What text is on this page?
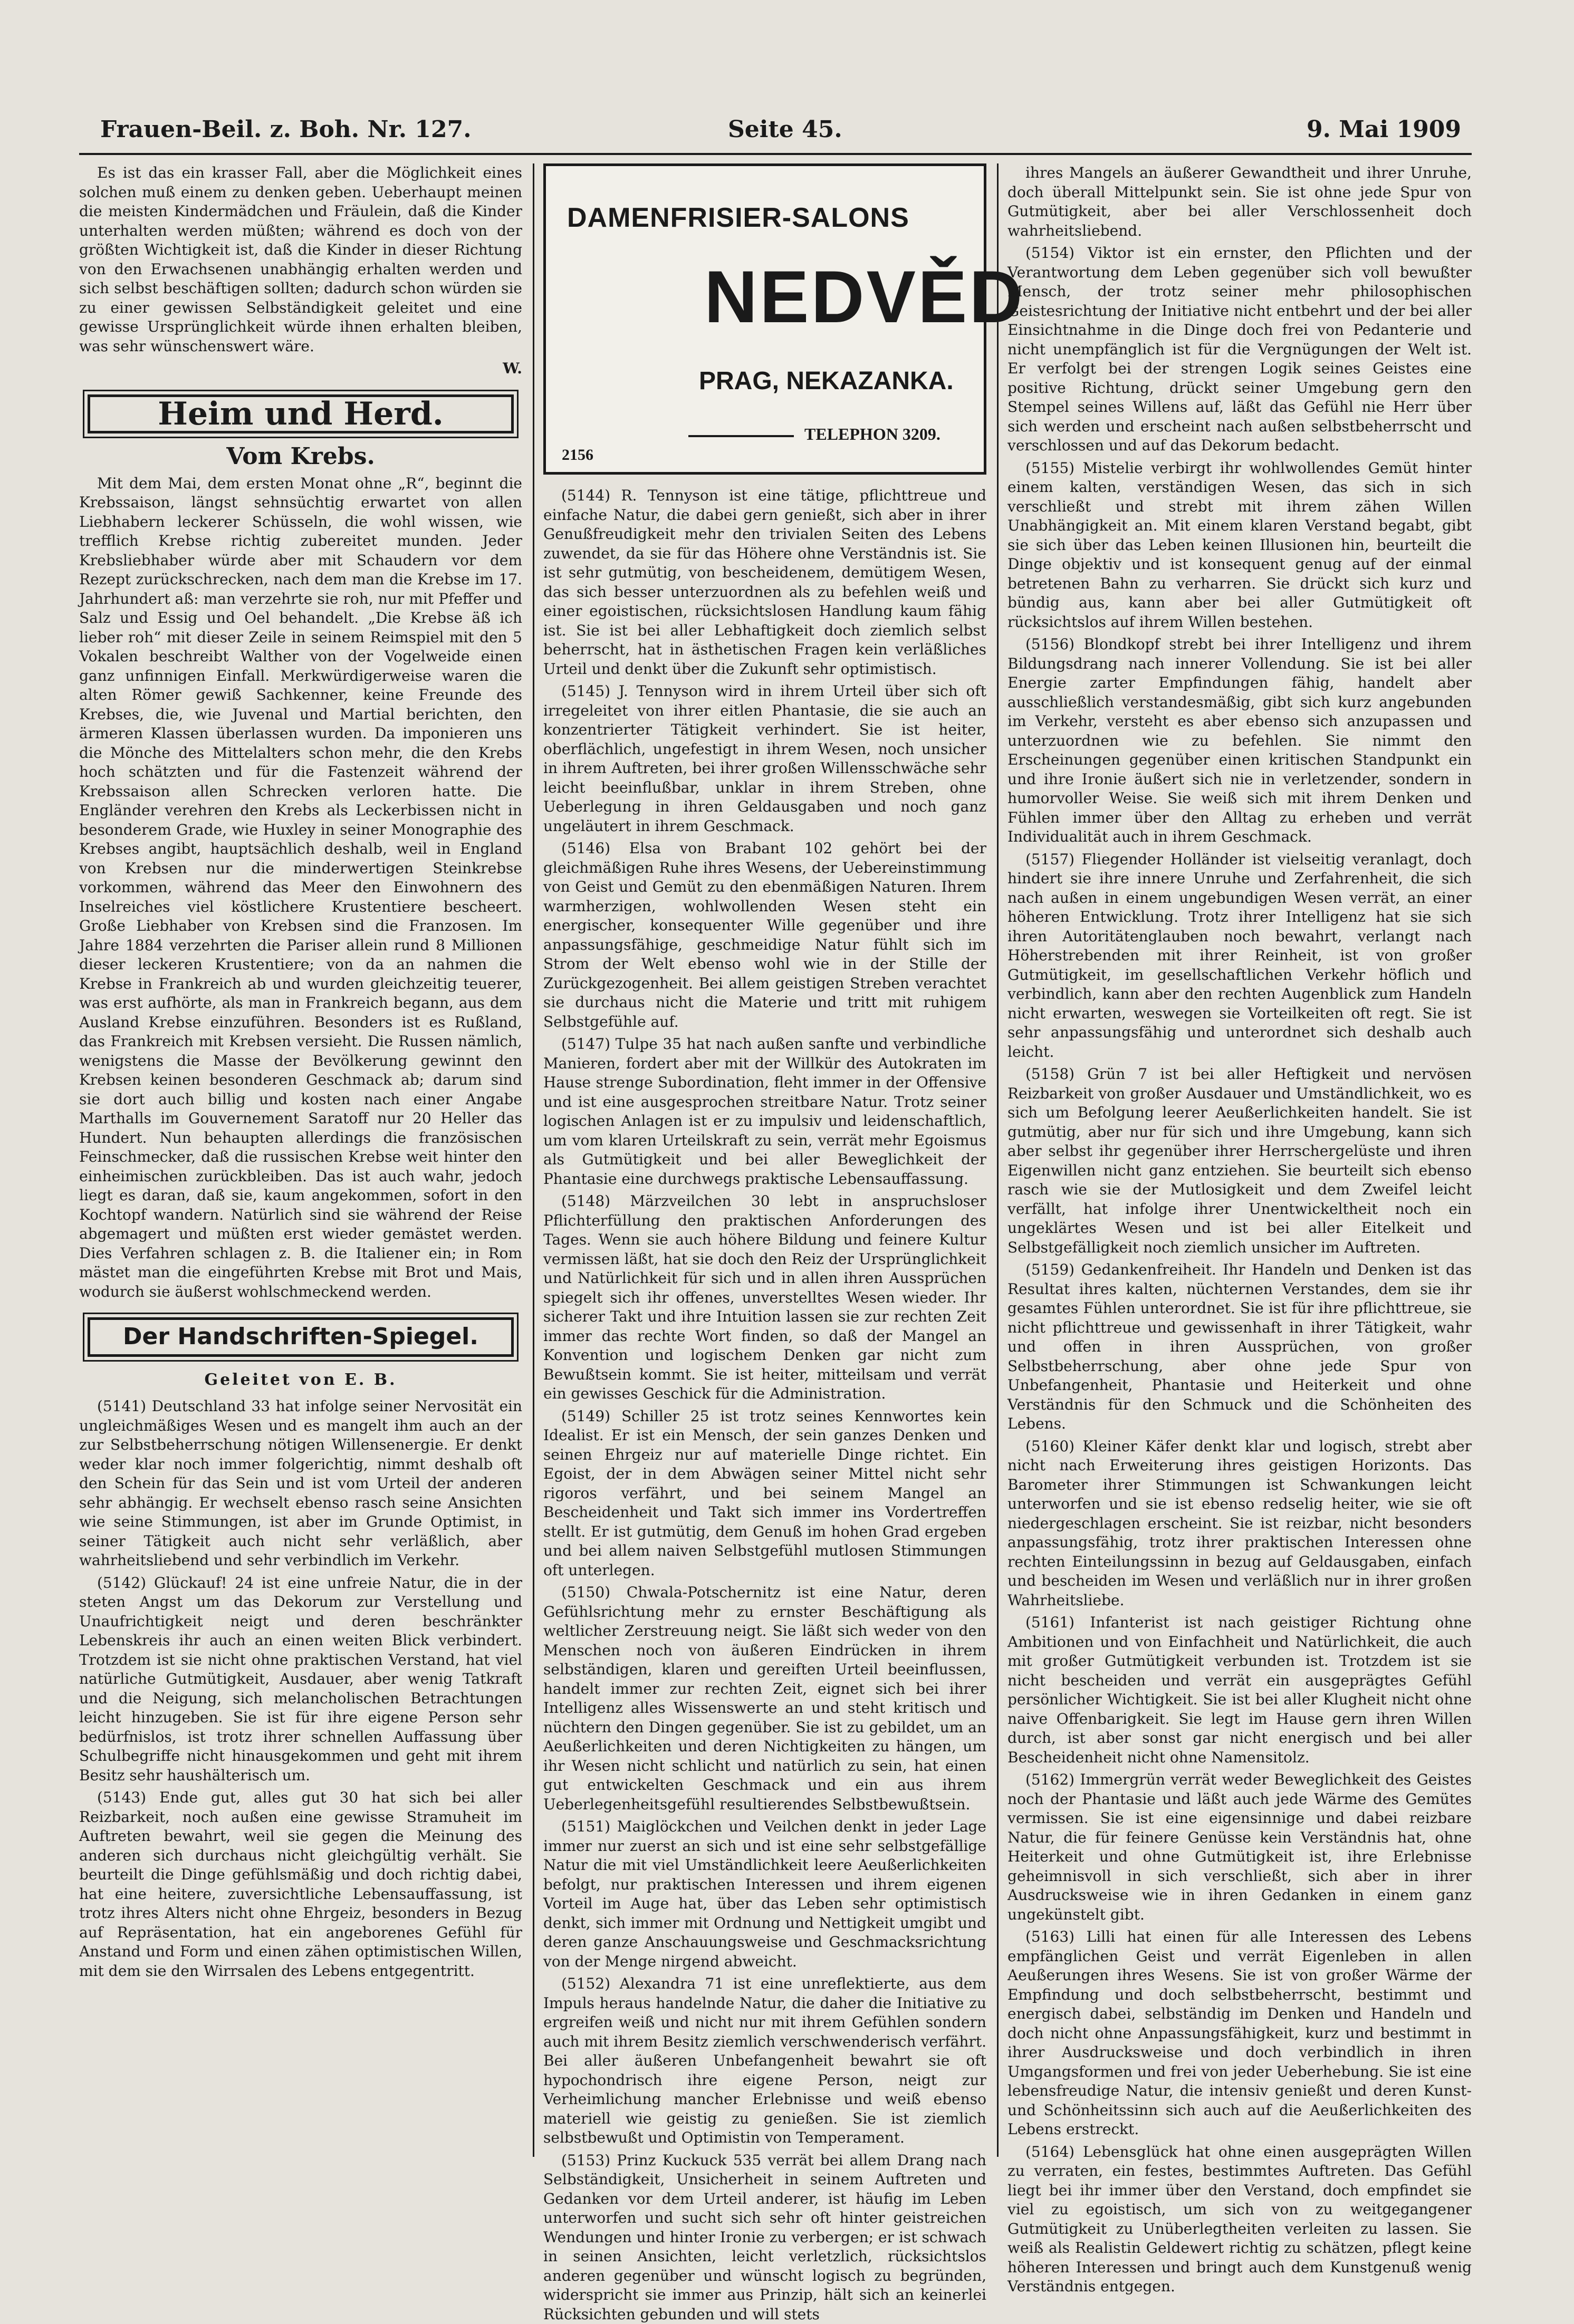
Frauen-Beil. z. Boh. Nr. 127.	Seite 45.	9. Mai 1909

Es ist das ein krasser Fall, aber die Möglichkeit eines solchen muß einem zu denken geben. Ueberhaupt meinen die meisten Kindermädchen und Fräulein, daß die Kinder unterhalten werden müßten; während es doch von der größten Wichtigkeit ist, daß die Kinder in dieser Richtung von den Erwachsenen unabhängig erhalten werden und sich selbst beschäftigen sollten; dadurch schon würden sie zu einer gewissen Selbständigkeit geleitet und eine gewisse Ursprünglichkeit würde ihnen erhalten bleiben, was sehr wünschenswert wäre.

W.
Heim und Herd.
Vom Krebs.

Mit dem Mai, dem ersten Monat ohne „R“, beginnt die Krebssaison, längst sehnsüchtig erwartet von allen Liebhabern leckerer Schüsseln, die wohl wissen, wie trefflich Krebse richtig zubereitet munden. Jeder Krebsliebhaber würde aber mit Schaudern vor dem Rezept zurückschrecken, nach dem man die Krebse im 17. Jahrhundert aß: man verzehrte sie roh, nur mit Pfeffer und Salz und Essig und Oel behandelt. „Die Krebse äß ich lieber roh“ mit dieser Zeile in seinem Reimspiel mit den 5 Vokalen beschreibt Walther von der Vogelweide einen ganz unfinnigen Einfall. Merkwürdigerweise waren die alten Römer gewiß Sachkenner, keine Freunde des Krebses, die, wie Juvenal und Martial berichten, den ärmeren Klassen überlassen wurden. Da imponieren uns die Mönche des Mittelalters schon mehr, die den Krebs hoch schätzten und für die Fastenzeit während der Krebssaison allen Schrecken verloren hatte. Die Engländer verehren den Krebs als Leckerbissen nicht in besonderem Grade, wie Huxley in seiner Monographie des Krebses angibt, hauptsächlich deshalb, weil in England von Krebsen nur die minderwertigen Steinkrebse vorkommen, während das Meer den Einwohnern des Inselreiches viel köstlichere Krustentiere bescheert. Große Liebhaber von Krebsen sind die Franzosen. Im Jahre 1884 verzehrten die Pariser allein rund 8 Millionen dieser leckeren Krustentiere; von da an nahmen die Krebse in Frankreich ab und wurden gleichzeitig teuerer, was erst aufhörte, als man in Frankreich begann, aus dem Ausland Krebse einzuführen. Besonders ist es Rußland, das Frankreich mit Krebsen versieht. Die Russen nämlich, wenigstens die Masse der Bevölkerung gewinnt den Krebsen keinen besonderen Geschmack ab; darum sind sie dort auch billig und kosten nach einer Angabe Marthalls im Gouvernement Saratoff nur 20 Heller das Hundert. Nun behaupten allerdings die französischen Feinschmecker, daß die russischen Krebse weit hinter den einheimischen zurückbleiben. Das ist auch wahr, jedoch liegt es daran, daß sie, kaum angekommen, sofort in den Kochtopf wandern. Natürlich sind sie während der Reise abgemagert und müßten erst wieder gemästet werden. Dies Verfahren schlagen z. B. die Italiener ein; in Rom mästet man die eingeführten Krebse mit Brot und Mais, wodurch sie äußerst wohlschmeckend werden.

Der Handschriften-Spiegel.
Geleitet von E. B.

(5141) Deutschland 33 hat infolge seiner Nervosität ein ungleichmäßiges Wesen und es mangelt ihm auch an der zur Selbstbeherrschung nötigen Willensenergie. Er denkt weder klar noch immer folgerichtig, nimmt deshalb oft den Schein für das Sein und ist vom Urteil der anderen sehr abhängig. Er wechselt ebenso rasch seine Ansichten wie seine Stimmungen, ist aber im Grunde Optimist, in seiner Tätigkeit auch nicht sehr verläßlich, aber wahrheitsliebend und sehr verbindlich im Verkehr.

(5142) Glückauf! 24 ist eine unfreie Natur, die in der steten Angst um das Dekorum zur Verstellung und Unaufrichtigkeit neigt und deren beschränkter Lebenskreis ihr auch an einen weiten Blick verbindert. Trotzdem ist sie nicht ohne praktischen Verstand, hat viel natürliche Gutmütigkeit, Ausdauer, aber wenig Tatkraft und die Neigung, sich melancholischen Betrachtungen leicht hinzugeben. Sie ist für ihre eigene Person sehr bedürfnislos, ist trotz ihrer schnellen Auffassung über Schulbegriffe nicht hinausgekommen und geht mit ihrem Besitz sehr haushälterisch um.

(5143) Ende gut, alles gut 30 hat sich bei aller Reizbarkeit, noch außen eine gewisse Stramuheit im Auftreten bewahrt, weil sie gegen die Meinung des anderen sich durchaus nicht gleichgültig verhält. Sie beurteilt die Dinge gefühlsmäßig und doch richtig dabei, hat eine heitere, zuversichtliche Lebensauffassung, ist trotz ihres Alters nicht ohne Ehrgeiz, besonders in Bezug auf Repräsentation, hat ein angeborenes Gefühl für Anstand und Form und einen zähen optimistischen Willen, mit dem sie den Wirrsalen des Lebens entgegentritt.

DAMENFRISIER-SALONS
NEDVĚD
PRAG, NEKAZANKA.
TELEPHON 3209.
2156

(5144) R. Tennyson ist eine tätige, pflichttreue und einfache Natur, die dabei gern genießt, sich aber in ihrer Genußfreudigkeit mehr den trivialen Seiten des Lebens zuwendet, da sie für das Höhere ohne Verständnis ist. Sie ist sehr gutmütig, von bescheidenem, demütigem Wesen, das sich besser unterzuordnen als zu befehlen weiß und einer egoistischen, rücksichtslosen Handlung kaum fähig ist. Sie ist bei aller Lebhaftigkeit doch ziemlich selbst beherrscht, hat in ästhetischen Fragen kein verläßliches Urteil und denkt über die Zukunft sehr optimistisch.

(5145) J. Tennyson wird in ihrem Urteil über sich oft irregeleitet von ihrer eitlen Phantasie, die sie auch an konzentrierter Tätigkeit verhindert. Sie ist heiter, oberflächlich, ungefestigt in ihrem Wesen, noch unsicher in ihrem Auftreten, bei ihrer großen Willensschwäche sehr leicht beeinflußbar, unklar in ihrem Streben, ohne Ueberlegung in ihren Geldausgaben und noch ganz ungeläutert in ihrem Geschmack.

(5146) Elsa von Brabant 102 gehört bei der gleichmäßigen Ruhe ihres Wesens, der Uebereinstimmung von Geist und Gemüt zu den ebenmäßigen Naturen. Ihrem warmherzigen, wohlwollenden Wesen steht ein energischer, konsequenter Wille gegenüber und ihre anpassungsfähige, geschmeidige Natur fühlt sich im Strom der Welt ebenso wohl wie in der Stille der Zurückgezogenheit. Bei allem geistigen Streben verachtet sie durchaus nicht die Materie und tritt mit ruhigem Selbstgefühle auf.

(5147) Tulpe 35 hat nach außen sanfte und verbindliche Manieren, fordert aber mit der Willkür des Autokraten im Hause strenge Subordination, fleht immer in der Offensive und ist eine ausgesprochen streitbare Natur. Trotz seiner logischen Anlagen ist er zu impulsiv und leidenschaftlich, um vom klaren Urteilskraft zu sein, verrät mehr Egoismus als Gutmütigkeit und bei aller Beweglichkeit der Phantasie eine durchwegs praktische Lebensauffassung.

(5148) Märzveilchen 30 lebt in anspruchsloser Pflichterfüllung den praktischen Anforderungen des Tages. Wenn sie auch höhere Bildung und feinere Kultur vermissen läßt, hat sie doch den Reiz der Ursprünglichkeit und Natürlichkeit für sich und in allen ihren Aussprüchen spiegelt sich ihr offenes, unverstelltes Wesen wieder. Ihr sicherer Takt und ihre Intuition lassen sie zur rechten Zeit immer das rechte Wort finden, so daß der Mangel an Konvention und logischem Denken gar nicht zum Bewußtsein kommt. Sie ist heiter, mitteilsam und verrät ein gewisses Geschick für die Administration.

(5149) Schiller 25 ist trotz seines Kennwortes kein Idealist. Er ist ein Mensch, der sein ganzes Denken und seinen Ehrgeiz nur auf materielle Dinge richtet. Ein Egoist, der in dem Abwägen seiner Mittel nicht sehr rigoros verfährt, und bei seinem Mangel an Bescheidenheit und Takt sich immer ins Vordertreffen stellt. Er ist gutmütig, dem Genuß im hohen Grad ergeben und bei allem naiven Selbstgefühl mutlosen Stimmungen oft unterlegen.

(5150) Chwala-Potschernitz ist eine Natur, deren Gefühlsrichtung mehr zu ernster Beschäftigung als weltlicher Zerstreuung neigt. Sie läßt sich weder von den Menschen noch von äußeren Eindrücken in ihrem selbständigen, klaren und gereiften Urteil beeinflussen, handelt immer zur rechten Zeit, eignet sich bei ihrer Intelligenz alles Wissenswerte an und steht kritisch und nüchtern den Dingen gegenüber. Sie ist zu gebildet, um an Aeußerlichkeiten und deren Nichtigkeiten zu hängen, um ihr Wesen nicht schlicht und natürlich zu sein, hat einen gut entwickelten Geschmack und ein aus ihrem Ueberlegenheitsgefühl resultierendes Selbstbewußtsein.

(5151) Maiglöckchen und Veilchen denkt in jeder Lage immer nur zuerst an sich und ist eine sehr selbstgefällige Natur die mit viel Umständlichkeit leere Aeußerlichkeiten befolgt, nur praktischen Interessen und ihrem eigenen Vorteil im Auge hat, über das Leben sehr optimistisch denkt, sich immer mit Ordnung und Nettigkeit umgibt und deren ganze Anschauungsweise und Geschmacksrichtung von der Menge nirgend abweicht.

(5152) Alexandra 71 ist eine unreflektierte, aus dem Impuls heraus handelnde Natur, die daher die Initiative zu ergreifen weiß und nicht nur mit ihrem Gefühlen sondern auch mit ihrem Besitz ziemlich verschwenderisch verfährt. Bei aller äußeren Unbefangenheit bewahrt sie oft hypochondrisch ihre eigene Person, neigt zur Verheimlichung mancher Erlebnisse und weiß ebenso materiell wie geistig zu genießen. Sie ist ziemlich selbstbewußt und Optimistin von Temperament.

(5153) Prinz Kuckuck 535 verrät bei allem Drang nach Selbständigkeit, Unsicherheit in seinem Auftreten und Gedanken vor dem Urteil anderer, ist häufig im Leben unterworfen und sucht sich sehr oft hinter geistreichen Wendungen und hinter Ironie zu verbergen; er ist schwach in seinen Ansichten, leicht verletzlich, rücksichtslos anderen gegenüber und wünscht logisch zu begründen, widerspricht sie immer aus Prinzip, hält sich an keinerlei Rücksichten gebunden und will stets

ihres Mangels an äußerer Gewandtheit und ihrer Unruhe, doch überall Mittelpunkt sein. Sie ist ohne jede Spur von Gutmütigkeit, aber bei aller Verschlossenheit doch wahrheitsliebend.

(5154) Viktor ist ein ernster, den Pflichten und der Verantwortung dem Leben gegenüber sich voll bewußter Mensch, der trotz seiner mehr philosophischen Geistesrichtung der Initiative nicht entbehrt und der bei aller Einsichtnahme in die Dinge doch frei von Pedanterie und nicht unempfänglich ist für die Vergnügungen der Welt ist. Er verfolgt bei der strengen Logik seines Geistes eine positive Richtung, drückt seiner Umgebung gern den Stempel seines Willens auf, läßt das Gefühl nie Herr über sich werden und erscheint nach außen selbstbeherrscht und verschlossen und auf das Dekorum bedacht.

(5155) Mistelie verbirgt ihr wohlwollendes Gemüt hinter einem kalten, verständigen Wesen, das sich in sich verschließt und strebt mit ihrem zähen Willen Unabhängigkeit an. Mit einem klaren Verstand begabt, gibt sie sich über das Leben keinen Illusionen hin, beurteilt die Dinge objektiv und ist konsequent genug auf der einmal betretenen Bahn zu verharren. Sie drückt sich kurz und bündig aus, kann aber bei aller Gutmütigkeit oft rücksichtslos auf ihrem Willen bestehen.

(5156) Blondkopf strebt bei ihrer Intelligenz und ihrem Bildungsdrang nach innerer Vollendung. Sie ist bei aller Energie zarter Empfindungen fähig, handelt aber ausschließlich verstandesmäßig, gibt sich kurz angebunden im Verkehr, versteht es aber ebenso sich anzupassen und unterzuordnen wie zu befehlen. Sie nimmt den Erscheinungen gegenüber einen kritischen Standpunkt ein und ihre Ironie äußert sich nie in verletzender, sondern in humorvoller Weise. Sie weiß sich mit ihrem Denken und Fühlen immer über den Alltag zu erheben und verrät Individualität auch in ihrem Geschmack.

(5157) Fliegender Holländer ist vielseitig veranlagt, doch hindert sie ihre innere Unruhe und Zerfahrenheit, die sich nach außen in einem ungebundigen Wesen verrät, an einer höheren Entwicklung. Trotz ihrer Intelligenz hat sie sich ihren Autoritätenglauben noch bewahrt, verlangt nach Höherstrebenden mit ihrer Reinheit, ist von großer Gutmütigkeit, im gesellschaftlichen Verkehr höflich und verbindlich, kann aber den rechten Augenblick zum Handeln nicht erwarten, weswegen sie Vorteilkeiten oft regt. Sie ist sehr anpassungsfähig und unterordnet sich deshalb auch leicht.

(5158) Grün 7 ist bei aller Heftigkeit und nervösen Reizbarkeit von großer Ausdauer und Umständlichkeit, wo es sich um Befolgung leerer Aeußerlichkeiten handelt. Sie ist gutmütig, aber nur für sich und ihre Umgebung, kann sich aber selbst ihr gegenüber ihrer Herrschergelüste und ihren Eigenwillen nicht ganz entziehen. Sie beurteilt sich ebenso rasch wie sie der Mutlosigkeit und dem Zweifel leicht verfällt, hat infolge ihrer Unentwickeltheit noch ein ungeklärtes Wesen und ist bei aller Eitelkeit und Selbstgefälligkeit noch ziemlich unsicher im Auftreten.

(5159) Gedankenfreiheit. Ihr Handeln und Denken ist das Resultat ihres kalten, nüchternen Verstandes, dem sie ihr gesamtes Fühlen unterordnet. Sie ist für ihre pflichttreue, sie nicht pflichttreue und gewissenhaft in ihrer Tätigkeit, wahr und offen in ihren Aussprüchen, von großer Selbstbeherrschung, aber ohne jede Spur von Unbefangenheit, Phantasie und Heiterkeit und ohne Verständnis für den Schmuck und die Schönheiten des Lebens.

(5160) Kleiner Käfer denkt klar und logisch, strebt aber nicht nach Erweiterung ihres geistigen Horizonts. Das Barometer ihrer Stimmungen ist Schwankungen leicht unterworfen und sie ist ebenso redselig heiter, wie sie oft niedergeschlagen erscheint. Sie ist reizbar, nicht besonders anpassungsfähig, trotz ihrer praktischen Interessen ohne rechten Einteilungssinn in bezug auf Geldausgaben, einfach und bescheiden im Wesen und verläßlich nur in ihrer großen Wahrheitsliebe.

(5161) Infanterist ist nach geistiger Richtung ohne Ambitionen und von Einfachheit und Natürlichkeit, die auch mit großer Gutmütigkeit verbunden ist. Trotzdem ist sie nicht bescheiden und verrät ein ausgeprägtes Gefühl persönlicher Wichtigkeit. Sie ist bei aller Klugheit nicht ohne naive Offenbarigkeit. Sie legt im Hause gern ihren Willen durch, ist aber sonst gar nicht energisch und bei aller Bescheidenheit nicht ohne Namensitolz.

(5162) Immergrün verrät weder Beweglichkeit des Geistes noch der Phantasie und läßt auch jede Wärme des Gemütes vermissen. Sie ist eine eigensinnige und dabei reizbare Natur, die für feinere Genüsse kein Verständnis hat, ohne Heiterkeit und ohne Gutmütigkeit ist, ihre Erlebnisse geheimnisvoll in sich verschließt, sich aber in ihrer Ausdrucksweise wie in ihren Gedanken in einem ganz ungekünstelt gibt.

(5163) Lilli hat einen für alle Interessen des Lebens empfänglichen Geist und verrät Eigenleben in allen Aeußerungen ihres Wesens. Sie ist von großer Wärme der Empfindung und doch selbstbeherrscht, bestimmt und energisch dabei, selbständig im Denken und Handeln und doch nicht ohne Anpassungsfähigkeit, kurz und bestimmt in ihrer Ausdrucksweise und doch verbindlich in ihren Umgangsformen und frei von jeder Ueberhebung. Sie ist eine lebensfreudige Natur, die intensiv genießt und deren Kunst- und Schönheitssinn sich auch auf die Aeußerlichkeiten des Lebens erstreckt.

(5164) Lebensglück hat ohne einen ausgeprägten Willen zu verraten, ein festes, bestimmtes Auftreten. Das Gefühl liegt bei ihr immer über den Verstand, doch empfindet sie viel zu egoistisch, um sich von zu weitgegangener Gutmütigkeit zu Unüberlegtheiten verleiten zu lassen. Sie weiß als Realistin Geldewert richtig zu schätzen, pflegt keine höheren Interessen und bringt auch dem Kunstgenuß wenig Verständnis entgegen.
